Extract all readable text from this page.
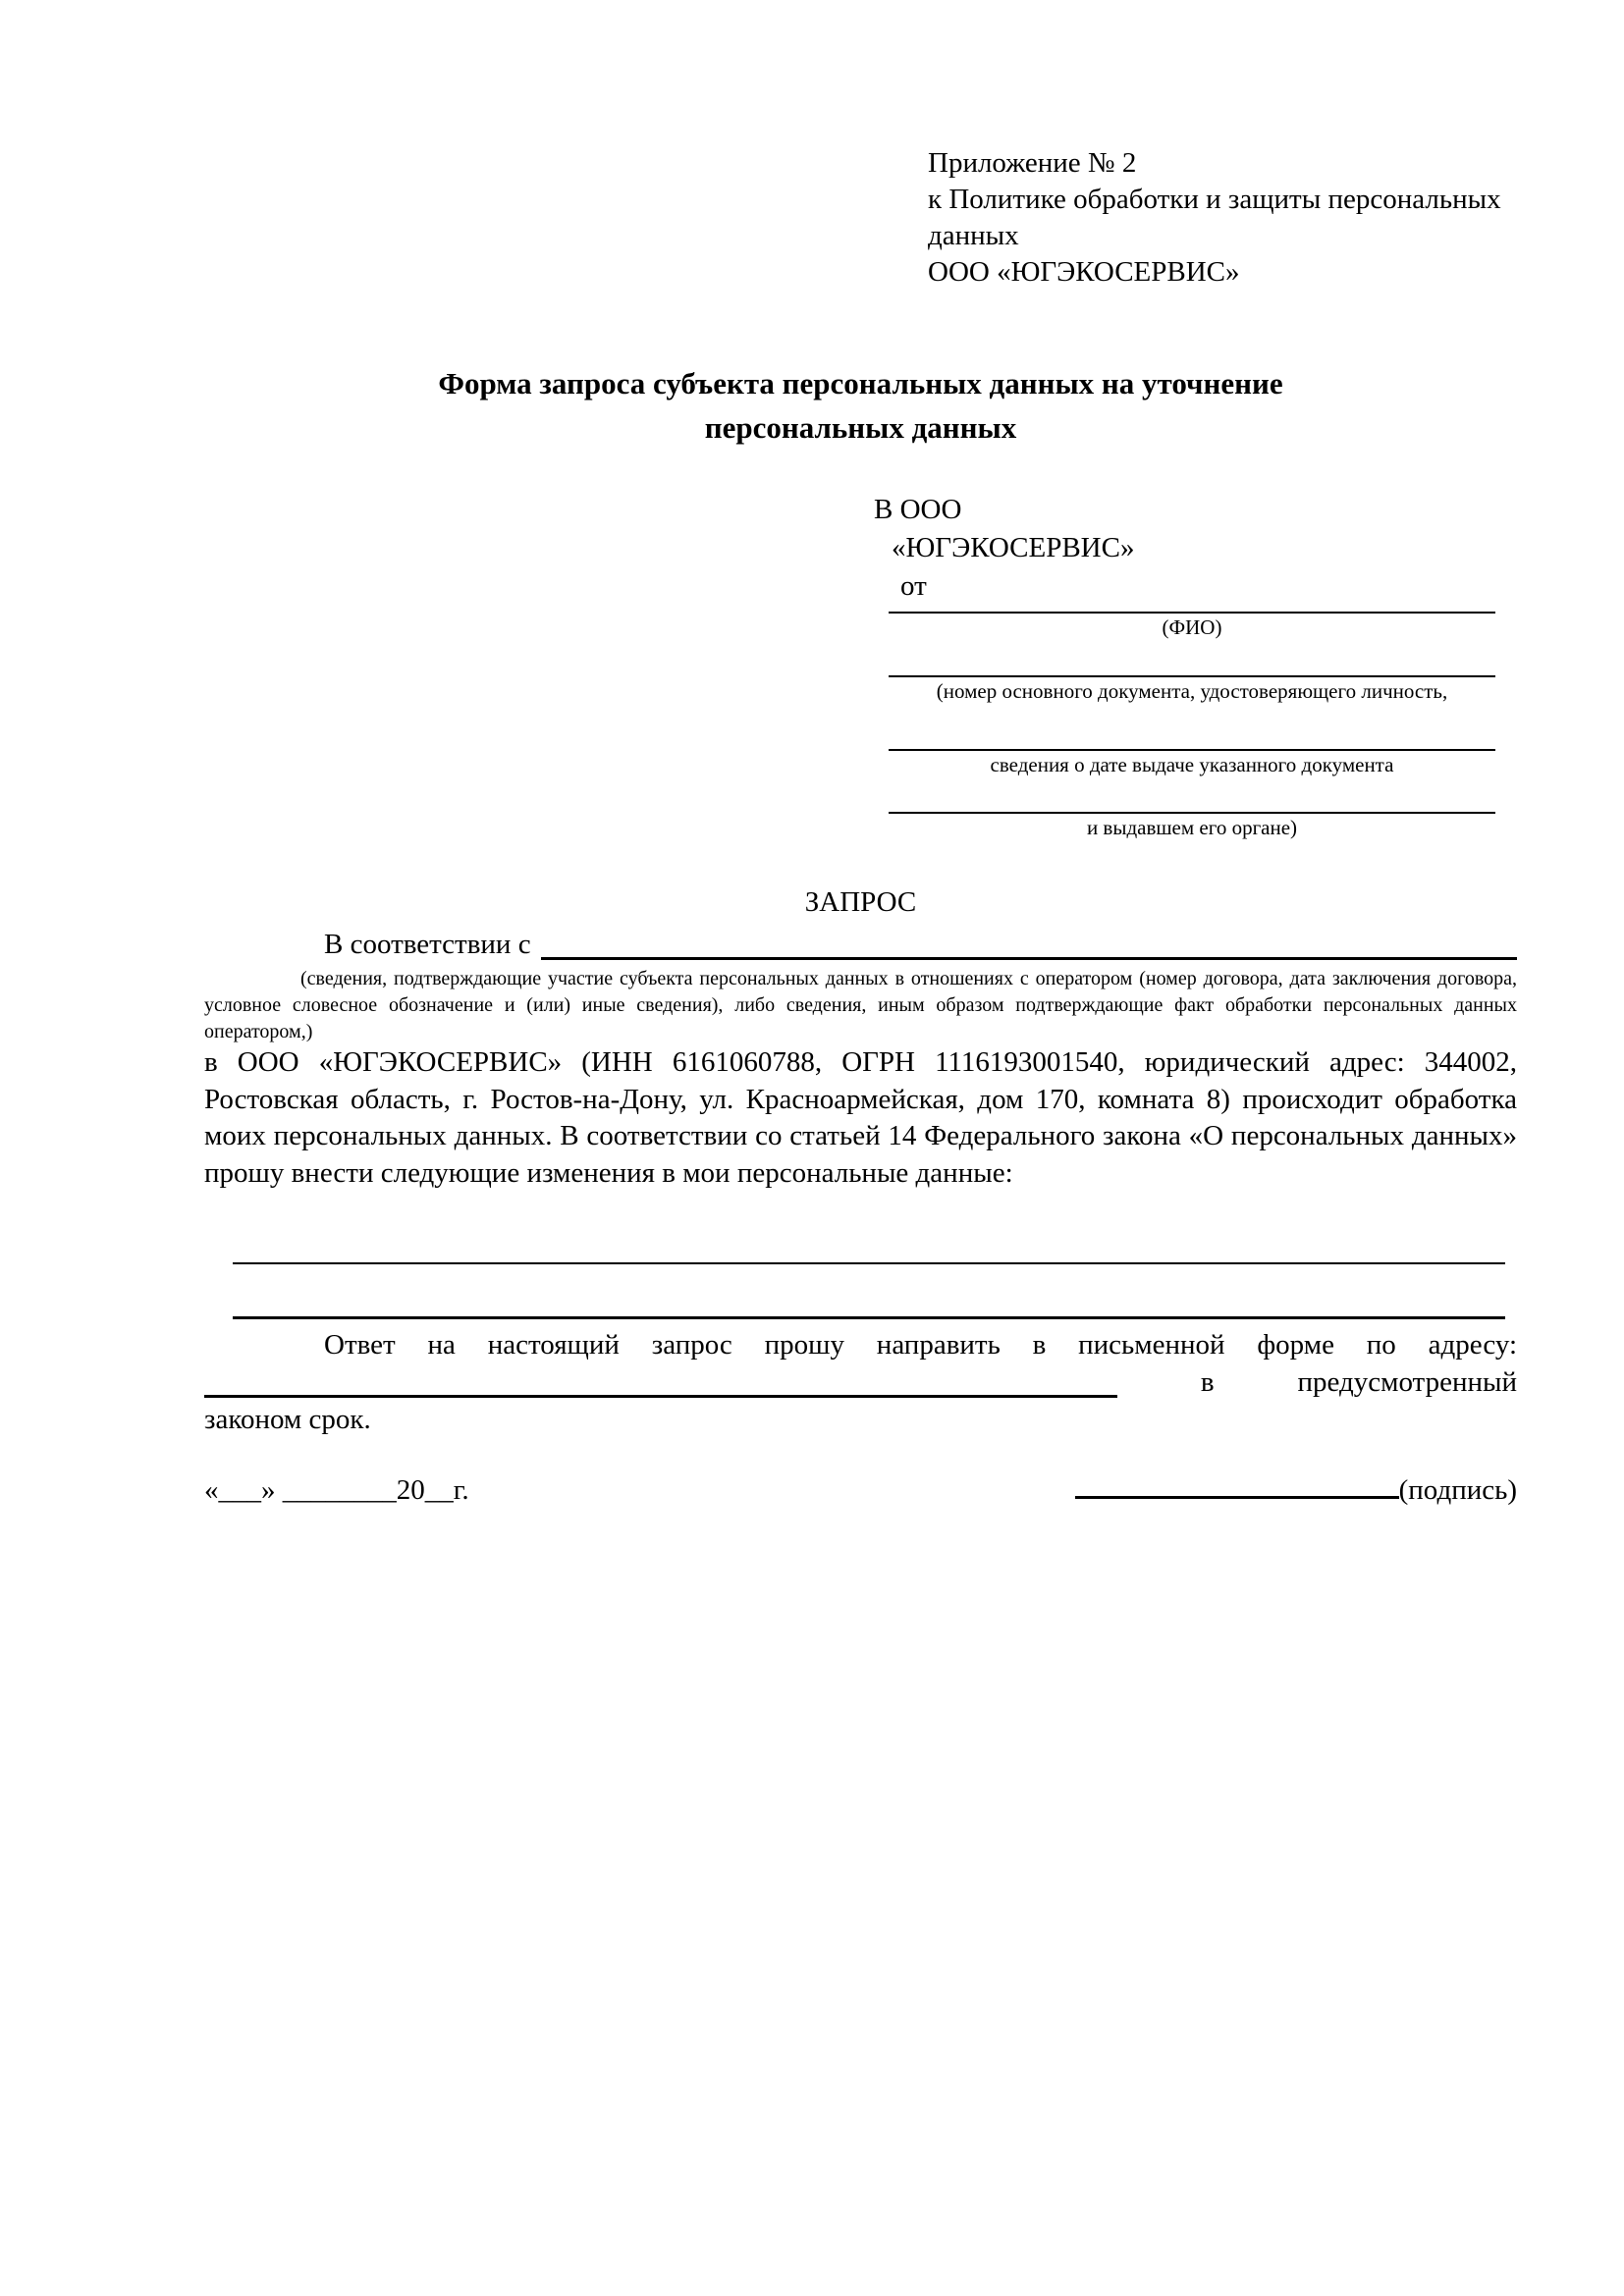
Приложение № 2
к Политике обработки и защиты персональных
данных
ООО «ЮГЭКОСЕРВИС»
Форма запроса субъекта персональных данных на уточнение
персональных данных
В ООО
«ЮГЭКОСЕРВИС»
от
(ФИО)
(номер основного документа, удостоверяющего личность,
сведения о дате выдаче указанного документа
и выдавшем его органе)
ЗАПРОС
В соответствии с
(сведения, подтверждающие участие субъекта персональных данных в отношениях с оператором (номер договора, дата заключения договора, условное словесное обозначение и (или) иные сведения), либо сведения, иным образом подтверждающие факт обработки персональных данных оператором,)
в ООО «ЮГЭКОСЕРВИС» (ИНН 6161060788, ОГРН 1116193001540, юридический адрес: 344002, Ростовская область, г. Ростов-на-Дону, ул. Красноармейская, дом 170, комната 8) происходит обработка моих персональных данных. В соответствии со статьей 14 Федерального закона «О персональных данных» прошу внести следующие изменения в мои персональные данные:
Ответ на настоящий запрос прошу направить в письменной форме по адресу:
в	предусмотренный
законом срок.
«___» ________20__г.	(подпись)
